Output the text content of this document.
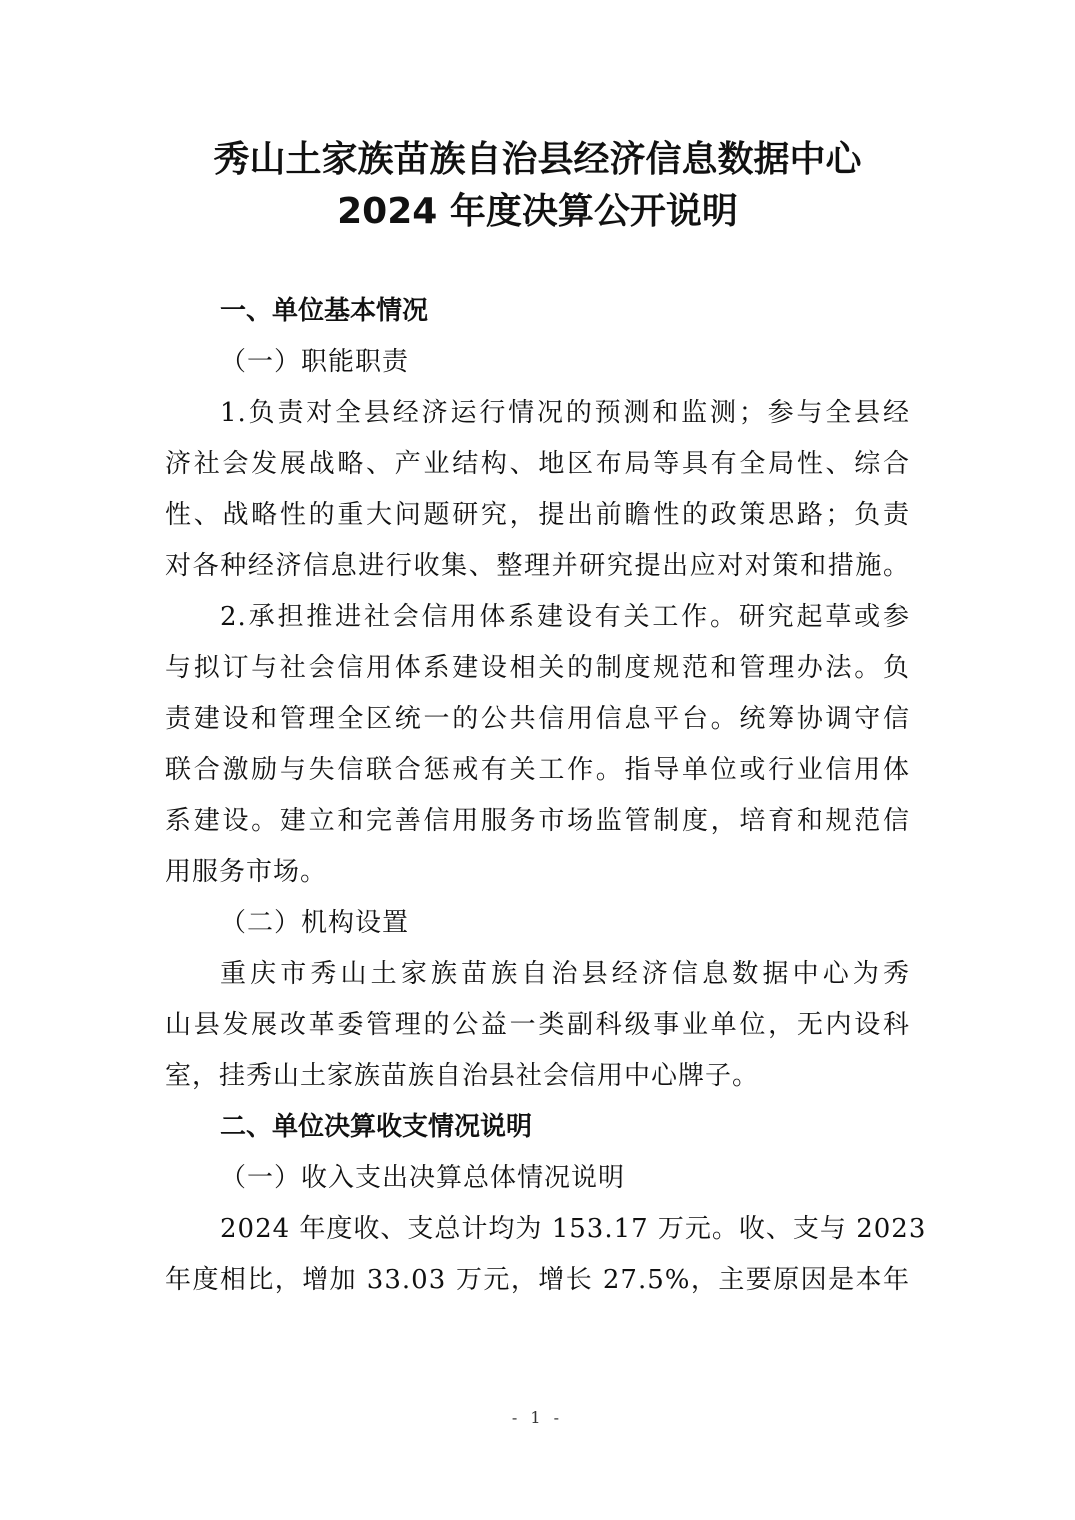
秀山土家族苗族自治县经济信息数据中心
2024 年度决算公开说明
一、单位基本情况
（一）职能职责
1.负责对全县经济运行情况的预测和监测；参与全县经
济社会发展战略、产业结构、地区布局等具有全局性、综合
性、战略性的重大问题研究，提出前瞻性的政策思路；负责
对各种经济信息进行收集、整理并研究提出应对对策和措施。
2.承担推进社会信用体系建设有关工作。研究起草或参
与拟订与社会信用体系建设相关的制度规范和管理办法。负
责建设和管理全区统一的公共信用信息平台。统筹协调守信
联合激励与失信联合惩戒有关工作。指导单位或行业信用体
系建设。建立和完善信用服务市场监管制度，培育和规范信
用服务市场。
（二）机构设置
重庆市秀山土家族苗族自治县经济信息数据中心为秀
山县发展改革委管理的公益一类副科级事业单位，无内设科
室，挂秀山土家族苗族自治县社会信用中心牌子。
二、单位决算收支情况说明
（一）收入支出决算总体情况说明
2024 年度收、支总计均为 153.17 万元。收、支与 2023
年度相比，增加 33.03 万元，增长 27.5%，主要原因是本年
- 1 -
